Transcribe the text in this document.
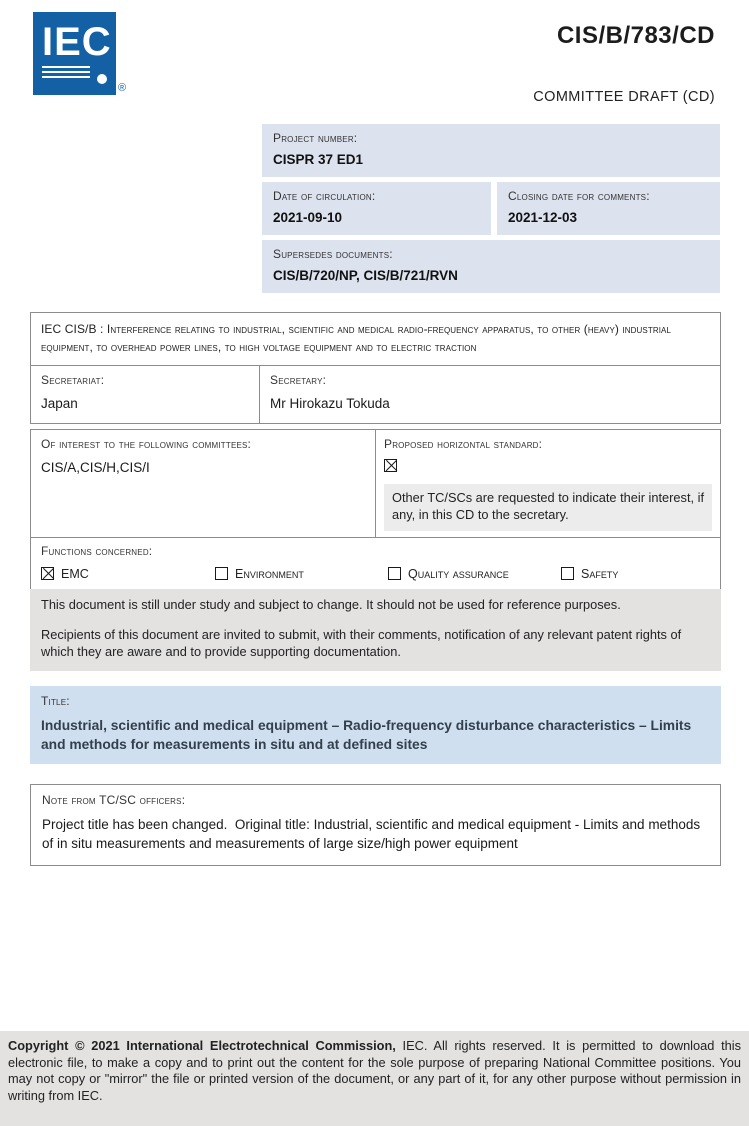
IEC
®
CIS/B/783/CD
COMMITTEE DRAFT (CD)
Project number:
CISPR 37 ED1
Date of circulation:
2021-09-10
Closing date for comments:
2021-12-03
Supersedes documents:
CIS/B/720/NP, CIS/B/721/RVN
IEC CIS/B : Interference relating to industrial, scientific and medical radio-frequency apparatus, to other (heavy) industrial equipment, to overhead power lines, to high voltage equipment and to electric traction
Secretariat:
Japan
Secretary:
Mr Hirokazu Tokuda
Of interest to the following committees:
CIS/A,CIS/H,CIS/I
Proposed horizontal standard:
Other TC/SCs are requested to indicate their interest, if any, in this CD to the secretary.
Functions concerned:
EMC	Environment	Quality assurance	Safety

This document is still under study and subject to change. It should not be used for reference purposes.

Recipients of this document are invited to submit, with their comments, notification of any relevant patent rights of which they are aware and to provide supporting documentation.

Title:
Industrial, scientific and medical equipment – Radio-frequency disturbance characteristics – Limits and methods for measurements in situ and at defined sites
Note from TC/SC officers:
Project title has been changed.  Original title: Industrial, scientific and medical equipment - Limits and methods of in situ measurements and measurements of large size/high power equipment

Copyright © 2021 International Electrotechnical Commission, IEC. All rights reserved. It is permitted to download this electronic file, to make a copy and to print out the content for the sole purpose of preparing National Committee positions. You may not copy or "mirror" the file or printed version of the document, or any part of it, for any other purpose without permission in writing from IEC.
